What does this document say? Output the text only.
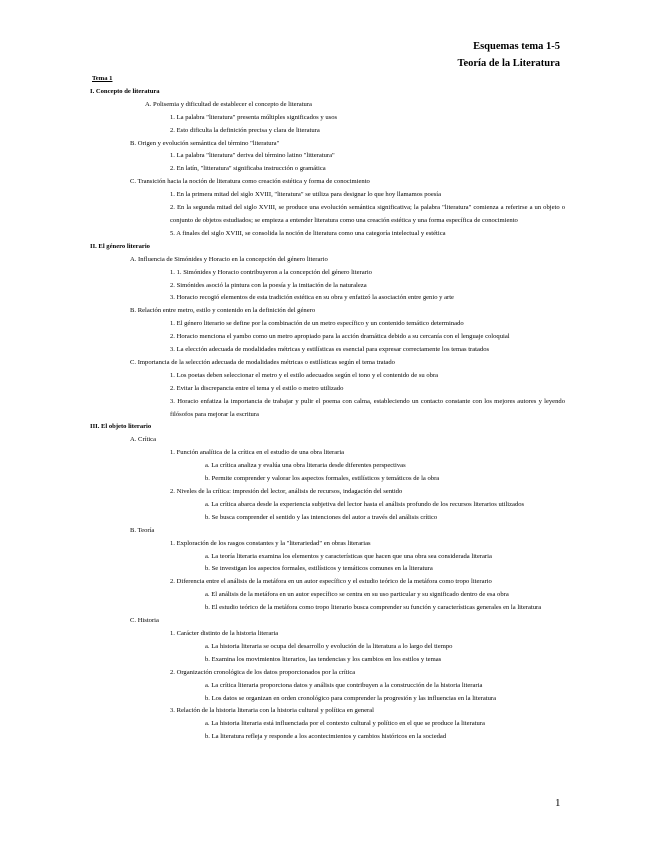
Esquemas tema 1-5
Teoría de la Literatura
Tema 1
I. Concepto de literatura
A. Polisemia y dificultad de establecer el concepto de literatura
1. La palabra "literatura" presenta múltiples significados y usos
2. Esto dificulta la definición precisa y clara de literatura
B. Origen y evolución semántica del término "literatura"
1. La palabra "literatura" deriva del término latino "litteratura"
2. En latín, "litteratura" significaba instrucción o gramática
C. Transición hacia la noción de literatura como creación estética y forma de conocimiento
1. En la primera mitad del siglo XVIII, "literatura" se utiliza para designar lo que hoy llamamos poesía
2. En la segunda mitad del siglo XVIII, se produce una evolución semántica significativa; la palabra "literatura" comienza a referirse a un objeto o conjunto de objetos estudiados; se empieza a entender literatura como una creación estética y una forma específica de conocimiento
5. A finales del siglo XVIII, se consolida la noción de literatura como una categoría intelectual y estética
II. El género literario
A. Influencia de Simónides y Horacio en la concepción del género literario
1. 1. Simónides y Horacio contribuyeron a la concepción del género literario
2. Simónides asoció la pintura con la poesía y la imitación de la naturaleza
3. Horacio recogió elementos de esta tradición estética en su obra y enfatizó la asociación entre genio y arte
B. Relación entre metro, estilo y contenido en la definición del género
1. El género literario se define por la combinación de un metro específico y un contenido temático determinado
2. Horacio menciona el yambo como un metro apropiado para la acción dramática debido a su cercanía con el lenguaje coloquial
3. La elección adecuada de modalidades métricas y estilísticas es esencial para expresar correctamente los temas tratados
C. Importancia de la selección adecuada de modalidades métricas o estilísticas según el tema tratado
1. Los poetas deben seleccionar el metro y el estilo adecuados según el tono y el contenido de su obra
2. Evitar la discrepancia entre el tema y el estilo o metro utilizado
3. Horacio enfatiza la importancia de trabajar y pulir el poema con calma, estableciendo un contacto constante con los mejores autores y leyendo filósofos para mejorar la escritura
III. El objeto literario
A. Crítica
1. Función analítica de la crítica en el estudio de una obra literaria
a. La crítica analiza y evalúa una obra literaria desde diferentes perspectivas
b. Permite comprender y valorar los aspectos formales, estilísticos y temáticos de la obra
2. Niveles de la crítica: impresión del lector, análisis de recursos, indagación del sentido
a. La crítica abarca desde la experiencia subjetiva del lector hasta el análisis profundo de los recursos literarios utilizados
b. Se busca comprender el sentido y las intenciones del autor a través del análisis crítico
B. Teoría
1. Exploración de los rasgos constantes y la "literariedad" en obras literarias
a. La teoría literaria examina los elementos y características que hacen que una obra sea considerada literaria
b. Se investigan los aspectos formales, estilísticos y temáticos comunes en la literatura
2. Diferencia entre el análisis de la metáfora en un autor específico y el estudio teórico de la metáfora como tropo literario
a. El análisis de la metáfora en un autor específico se centra en su uso particular y su significado dentro de esa obra
b. El estudio teórico de la metáfora como tropo literario busca comprender su función y características generales en la literatura
C. Historia
1. Carácter distinto de la historia literaria
a. La historia literaria se ocupa del desarrollo y evolución de la literatura a lo largo del tiempo
b. Examina los movimientos literarios, las tendencias y los cambios en los estilos y temas
2. Organización cronológica de los datos proporcionados por la crítica
a. La crítica literaria proporciona datos y análisis que contribuyen a la construcción de la historia literaria
b. Los datos se organizan en orden cronológico para comprender la progresión y las influencias en la literatura
3. Relación de la historia literaria con la historia cultural y política en general
a. La historia literaria está influenciada por el contexto cultural y político en el que se produce la literatura
b. La literatura refleja y responde a los acontecimientos y cambios históricos en la sociedad
1
